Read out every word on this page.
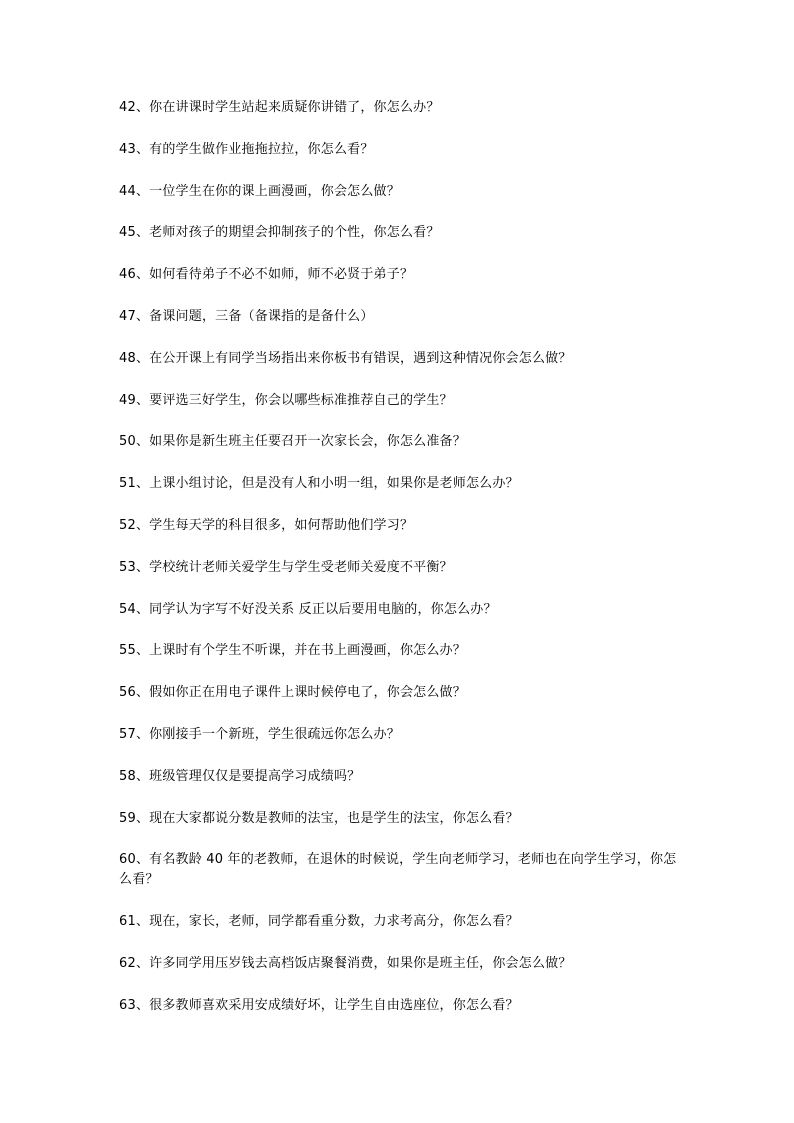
42、你在讲课时学生站起来质疑你讲错了，你怎么办？
43、有的学生做作业拖拖拉拉，你怎么看？
44、一位学生在你的课上画漫画，你会怎么做？
45、老师对孩子的期望会抑制孩子的个性，你怎么看？
46、如何看待弟子不必不如师，师不必贤于弟子？
47、备课问题，三备（备课指的是备什么）
48、在公开课上有同学当场指出来你板书有错误，遇到这种情况你会怎么做？
49、要评选三好学生，你会以哪些标准推荐自己的学生？
50、如果你是新生班主任要召开一次家长会，你怎么准备？
51、上课小组讨论，但是没有人和小明一组，如果你是老师怎么办？
52、学生每天学的科目很多，如何帮助他们学习？
53、学校统计老师关爱学生与学生受老师关爱度不平衡？
54、同学认为字写不好没关系 反正以后要用电脑的，你怎么办？
55、上课时有个学生不听课，并在书上画漫画，你怎么办？
56、假如你正在用电子课件上课时候停电了，你会怎么做？
57、你刚接手一个新班，学生很疏远你怎么办？
58、班级管理仅仅是要提高学习成绩吗？
59、现在大家都说分数是教师的法宝，也是学生的法宝，你怎么看？
60、有名教龄 40 年的老教师，在退休的时候说，学生向老师学习，老师也在向学生学习，你怎么看？
61、现在，家长，老师，同学都看重分数，力求考高分，你怎么看？
62、许多同学用压岁钱去高档饭店聚餐消费，如果你是班主任，你会怎么做？
63、很多教师喜欢采用安成绩好坏，让学生自由选座位，你怎么看？
